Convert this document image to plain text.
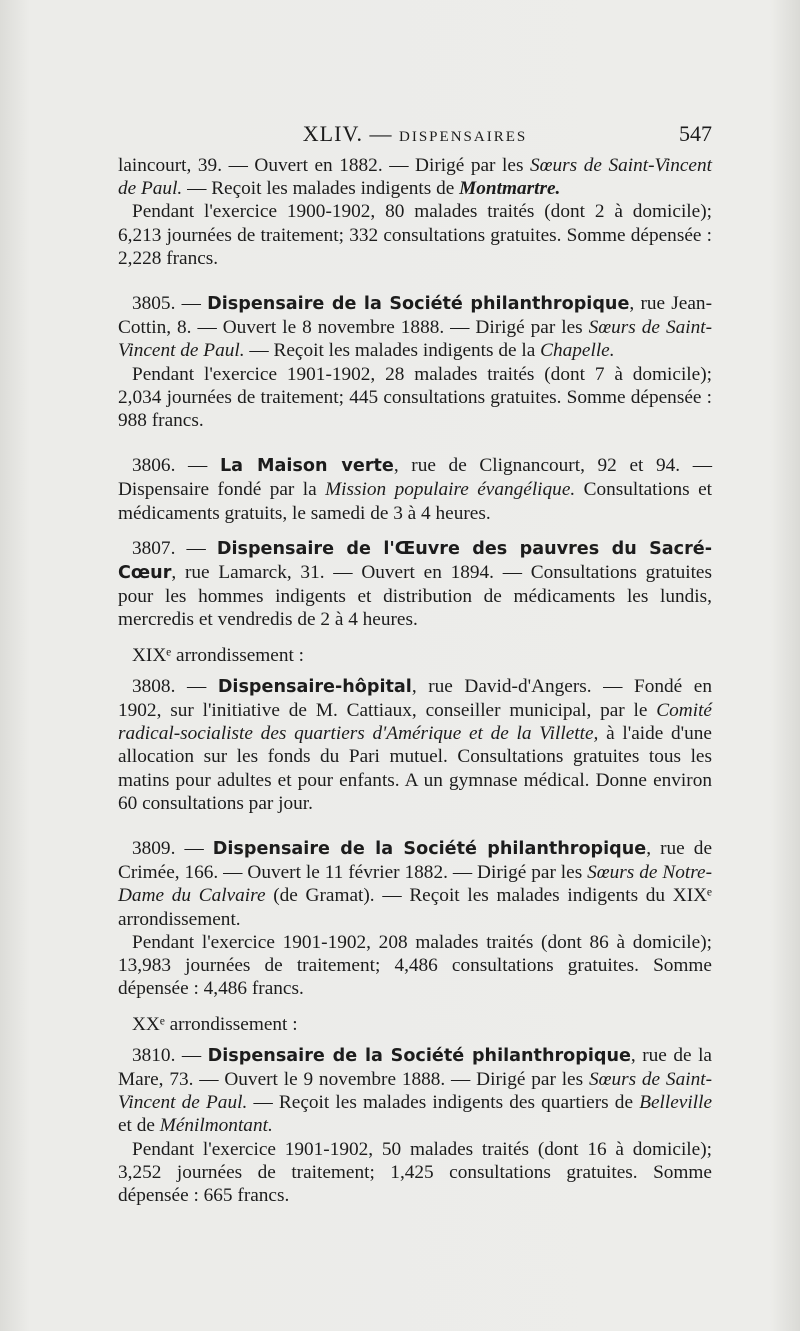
XLIV. — DISPENSAIRES	547

laincourt, 39. — Ouvert en 1882. — Dirigé par les Sœurs de Saint-Vincent de Paul. — Reçoit les malades indigents de Montmartre.

Pendant l'exercice 1900-1902, 80 malades traités (dont 2 à domicile); 6,213 journées de traitement; 332 consultations gratuites. Somme dépensée : 2,228 francs.

3805. — Dispensaire de la Société philanthropique, rue Jean-Cottin, 8. — Ouvert le 8 novembre 1888. — Dirigé par les Sœurs de Saint-Vincent de Paul. — Reçoit les malades indigents de la Chapelle.

Pendant l'exercice 1901-1902, 28 malades traités (dont 7 à domicile); 2,034 journées de traitement; 445 consultations gratuites. Somme dépensée : 988 francs.

3806. — La Maison verte, rue de Clignancourt, 92 et 94. — Dispensaire fondé par la Mission populaire évangélique. Consultations et médicaments gratuits, le samedi de 3 à 4 heures.

3807. — Dispensaire de l'Œuvre des pauvres du Sacré-Cœur, rue Lamarck, 31. — Ouvert en 1894. — Consultations gratuites pour les hommes indigents et distribution de médicaments les lundis, mercredis et vendredis de 2 à 4 heures.

XIXᵉ arrondissement :

3808. — Dispensaire-hôpital, rue David-d'Angers. — Fondé en 1902, sur l'initiative de M. Cattiaux, conseiller municipal, par le Comité radical-socialiste des quartiers d'Amérique et de la Villette, à l'aide d'une allocation sur les fonds du Pari mutuel. Consultations gratuites tous les matins pour adultes et pour enfants. A un gymnase médical. Donne environ 60 consultations par jour.

3809. — Dispensaire de la Société philanthropique, rue de Crimée, 166. — Ouvert le 11 février 1882. — Dirigé par les Sœurs de Notre-Dame du Calvaire (de Gramat). — Reçoit les malades indigents du XIXᵉ arrondissement.

Pendant l'exercice 1901-1902, 208 malades traités (dont 86 à domicile); 13,983 journées de traitement; 4,486 consultations gratuites. Somme dépensée : 4,486 francs.

XXᵉ arrondissement :

3810. — Dispensaire de la Société philanthropique, rue de la Mare, 73. — Ouvert le 9 novembre 1888. — Dirigé par les Sœurs de Saint-Vincent de Paul. — Reçoit les malades indigents des quartiers de Belleville et de Ménilmontant.

Pendant l'exercice 1901-1902, 50 malades traités (dont 16 à domicile); 3,252 journées de traitement; 1,425 consultations gratuites. Somme dépensée : 665 francs.
